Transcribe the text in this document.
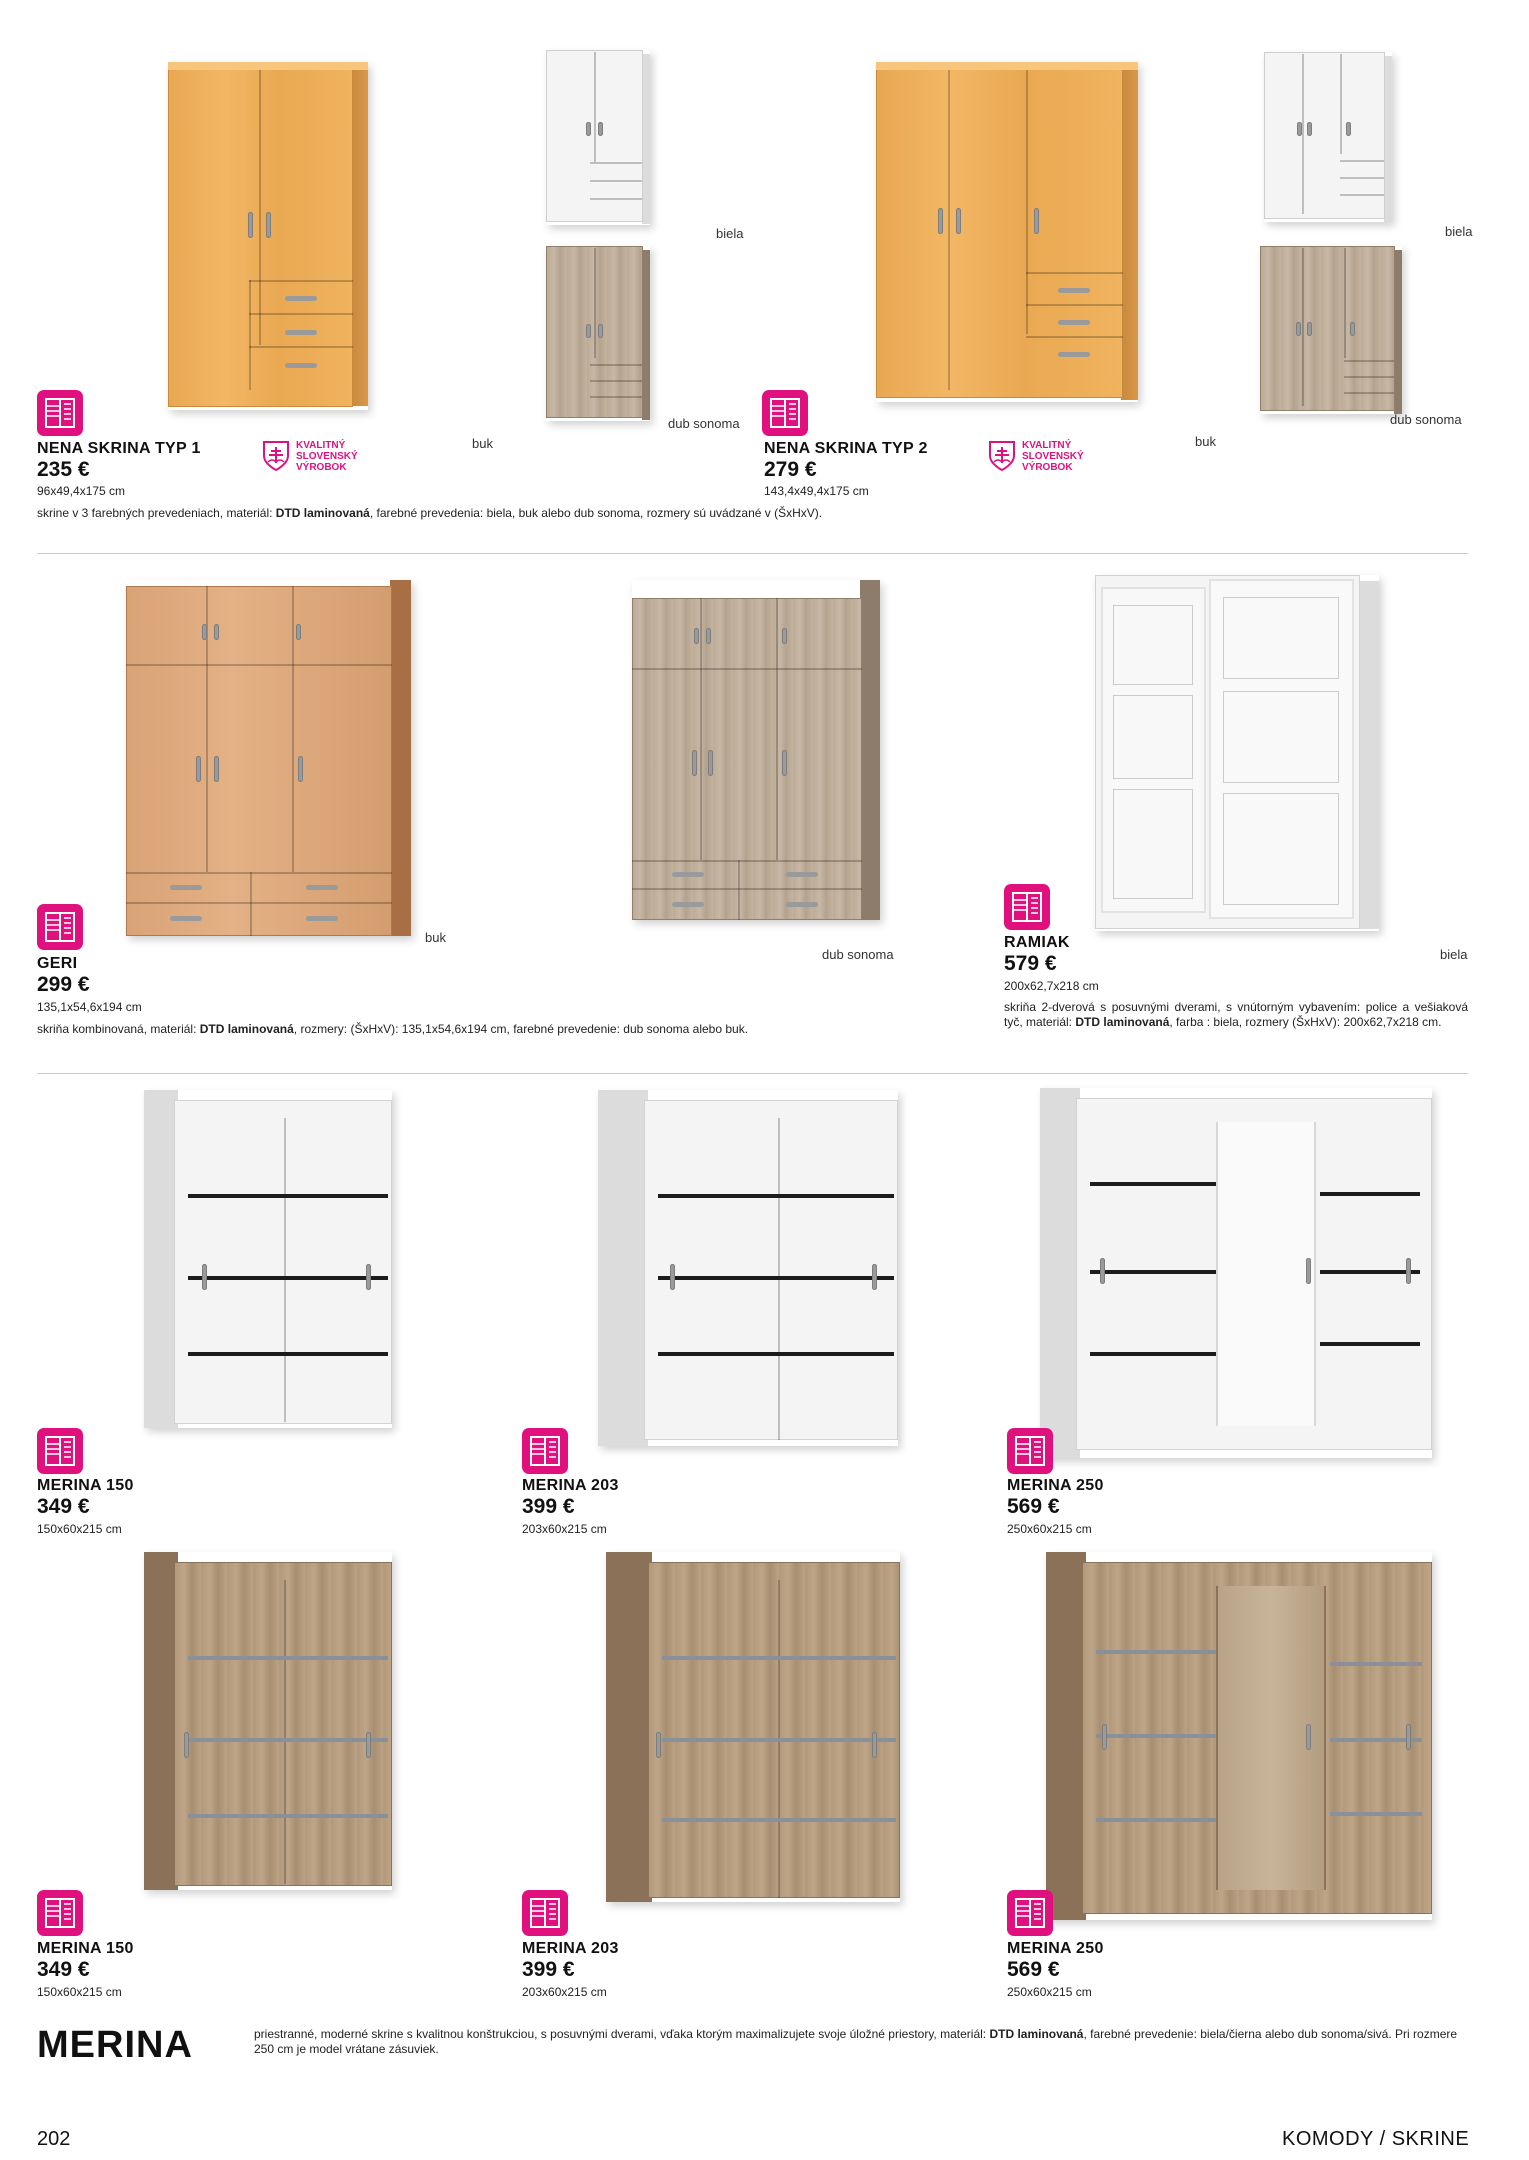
biela
dub sonoma
buk
NENA SKRINA TYP 1
235 €
96x49,4x175 cm
KVALITNÝ
SLOVENSKÝ
VÝROBOK
biela
dub sonoma
buk
NENA SKRINA TYP 2
279 €
143,4x49,4x175 cm
KVALITNÝ
SLOVENSKÝ
VÝROBOK
skrine v 3 farebných prevedeniach, materiál: DTD laminovaná, farebné prevedenia: biela, buk alebo dub sonoma, rozmery sú uvádzané v (ŠxHxV).
buk
dub sonoma
GERI
299 €
135,1x54,6x194 cm
skriňa kombinovaná, materiál: DTD laminovaná, rozmery: (ŠxHxV): 135,1x54,6x194 cm, farebné prevedenie: dub sonoma alebo buk.
biela
RAMIAK
579 €
200x62,7x218 cm
skriňa 2-dverová s posuvnými dverami, s vnútorným vybavením: police a vešiaková tyč, materiál: DTD laminovaná, farba : biela, rozmery (ŠxHxV): 200x62,7x218 cm.
MERINA 150
349 €
150x60x215 cm
MERINA 203
399 €
203x60x215 cm
MERINA 250
569 €
250x60x215 cm
MERINA 150
349 €
150x60x215 cm
MERINA 203
399 €
203x60x215 cm
MERINA 250
569 €
250x60x215 cm
MERINA	priestranné, moderné skrine s kvalitnou konštrukciou, s posuvnými dverami, vďaka ktorým maximalizujete svoje úložné priestory, materiál: DTD laminovaná, farebné prevedenie: biela/čierna alebo dub sonoma/sivá. Pri rozmere 250 cm je model vrátane zásuviek.
202	KOMODY / SKRINE
